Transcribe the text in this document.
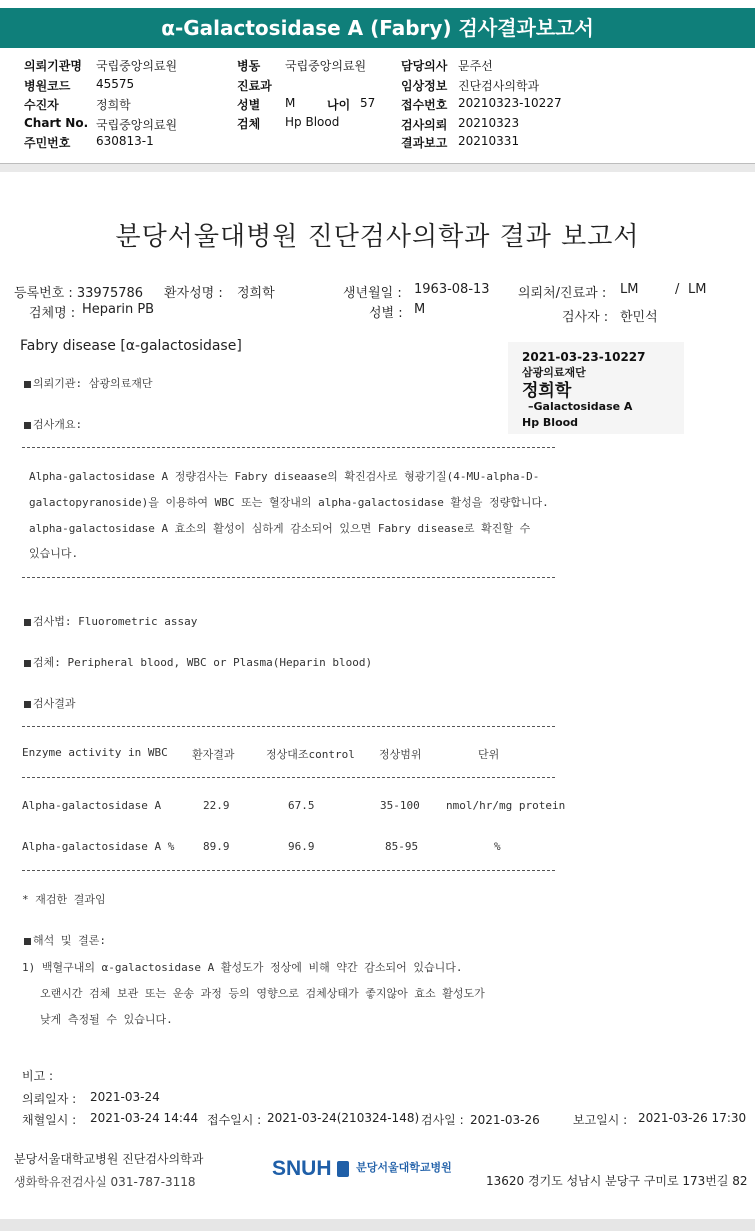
α-Galactosidase A (Fabry) 검사결과보고서
의뢰기관명 국립중앙의료원
병원코드 45575
수진자	정희학
Chart No. 국립중앙의료원
주민번호 630813-1
병동 국립중앙의료원
진료과
성별 M	나이 57
검체 Hp Blood
담당의사 문주선
임상정보 진단검사의학과
접수번호 20210323-10227
검사의뢰 20210323
결과보고 20210331
분당서울대병원 진단검사의학과 결과 보고서
등록번호 : 33975786 환자성명 : 정희학	생년월일 : 1963-08-13 의뢰처/진료과 : LM	/ LM
검체명 : Heparin PB	성별 : M
검사자 : 한민석
Fabry disease [α-galactosidase]
2021-03-23-10227
삼광의료재단
정희학
–Galactosidase A
Hp Blood
의뢰기관: 삼광의료재단
검사개요:
Alpha-galactosidase A 정량검사는 Fabry diseaase의 확진검사로 형광기질(4-MU-alpha-D-
galactopyranoside)을 이용하여 WBC 또는 혈장내의 alpha-galactosidase 활성을 정량합니다.
alpha-galactosidase A 효소의 활성이 심하게 감소되어 있으면 Fabry disease로 확진할 수
있습니다.
검사법: Fluorometric assay
검체: Peripheral blood, WBC or Plasma(Heparin blood)
검사결과
Enzyme activity in WBC 환자결과	정상대조control 정상범위	단위
Alpha-galactosidase A	22.9	67.5	35-100 nmol/hr/mg protein
Alpha-galactosidase A %	89.9	96.9	85-95	%
* 재검한 결과임
해석 및 결론:
1) 백혈구내의 α-galactosidase A 활성도가 정상에 비해 약간 감소되어 있습니다.
오랜시간 검체 보관 또는 운송 과정 등의 영향으로 검체상태가 좋지않아 효소 활성도가
낮게 측정될 수 있습니다.
비고 :
의뢰일자 : 2021-03-24
채혈일시 : 2021-03-24 14:44 접수일시 : 2021-03-24(210324-148) 검사일 : 2021-03-26	보고일시 : 2021-03-26 17:30
분당서울대학교병원 진단검사의학과
생화학유전검사실 031-787-3118
SNUH 분당서울대학교병원
13620 경기도 성남시 분당구 구미로 173번길 82
